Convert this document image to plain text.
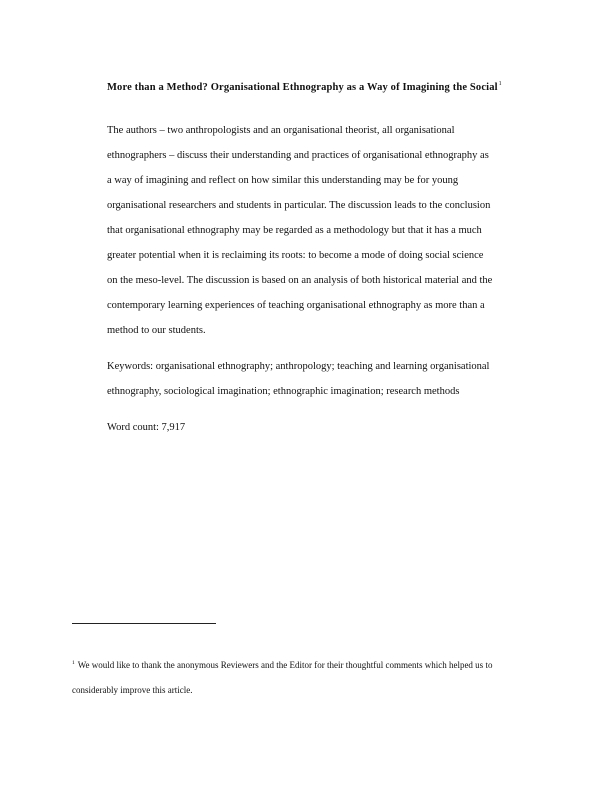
More than a Method? Organisational Ethnography as a Way of Imagining the Social$^1$

The authors – two anthropologists and an organisational theorist, all organisational
ethnographers – discuss their understanding and practices of organisational ethnography as
a way of imagining and reflect on how similar this understanding may be for young
organisational researchers and students in particular. The discussion leads to the conclusion
that organisational ethnography may be regarded as a methodology but that it has a much
greater potential when it is reclaiming its roots: to become a mode of doing social science
on the meso-level. The discussion is based on an analysis of both historical material and the
contemporary learning experiences of teaching organisational ethnography as more than a
method to our students.

Keywords: organisational ethnography; anthropology; teaching and learning organisational
ethnography, sociological imagination; ethnographic imagination; research methods

Word count: 7,917

$^1$ We would like to thank the anonymous Reviewers and the Editor for their thoughtful comments which helped us to
considerably improve this article.
